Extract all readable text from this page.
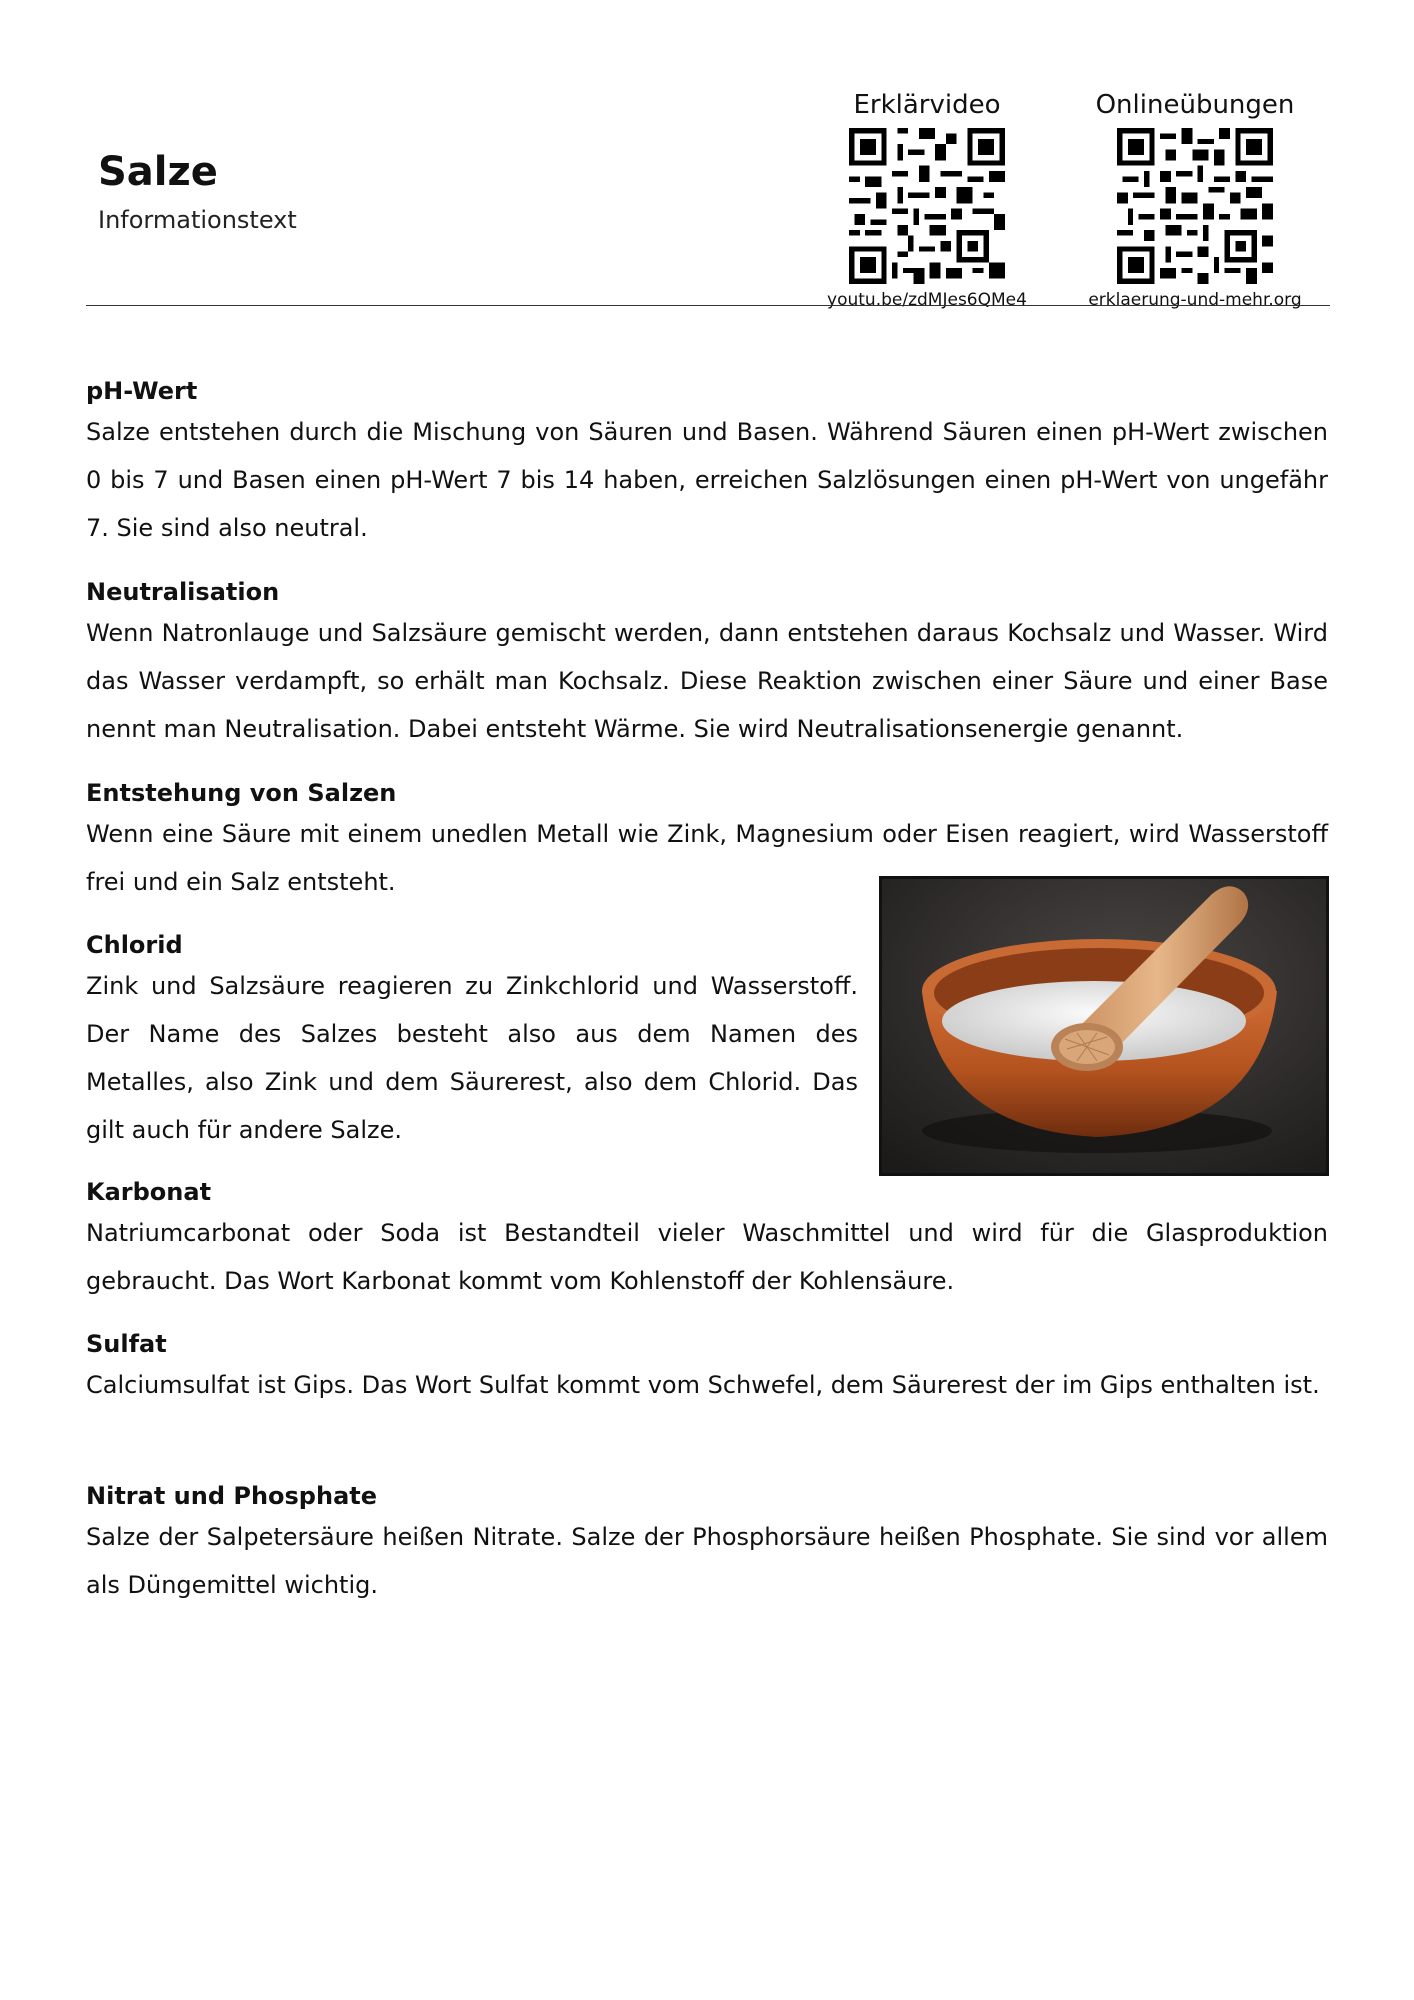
Salze
Informationstext
Erklärvideo
youtu.be/zdMJes6QMe4
Onlineübungen
erklaerung-und-mehr.org
pH-Wert

Salze entstehen durch die Mischung von Säuren und Basen. Während Säuren einen pH-Wert zwischen 0 bis 7 und Basen einen pH-Wert 7 bis 14 haben, erreichen Salzlösungen einen pH-Wert von ungefähr 7. Sie sind also neutral.

Neutralisation

Wenn Natronlauge und Salzsäure gemischt werden, dann entstehen daraus Kochsalz und Wasser. Wird das Wasser verdampft, so erhält man Kochsalz. Diese Reaktion zwischen einer Säure und einer Base nennt man Neutralisation. Dabei entsteht Wärme. Sie wird Neutralisationsenergie genannt.

Entstehung von Salzen

Wenn eine Säure mit einem unedlen Metall wie Zink, Magnesium oder Eisen reagiert, wird Wasserstoff frei und ein Salz entsteht.

Chlorid

Zink und Salzsäure reagieren zu Zinkchlorid und Wasserstoff. Der Name des Salzes besteht also aus dem Namen des Metalles, also Zink und dem Säurerest, also dem Chlorid. Das gilt auch für andere Salze.

Karbonat

Natriumcarbonat oder Soda ist Bestandteil vieler Waschmittel und wird für die Glasproduktion gebraucht. Das Wort Karbonat kommt vom Kohlenstoff der Kohlensäure.

Sulfat

Calciumsulfat ist Gips. Das Wort Sulfat kommt vom Schwefel, dem Säurerest der im Gips enthalten ist.

Nitrat und Phosphate

Salze der Salpetersäure heißen Nitrate. Salze der Phosphorsäure heißen Phosphate. Sie sind vor allem als Düngemittel wichtig.
